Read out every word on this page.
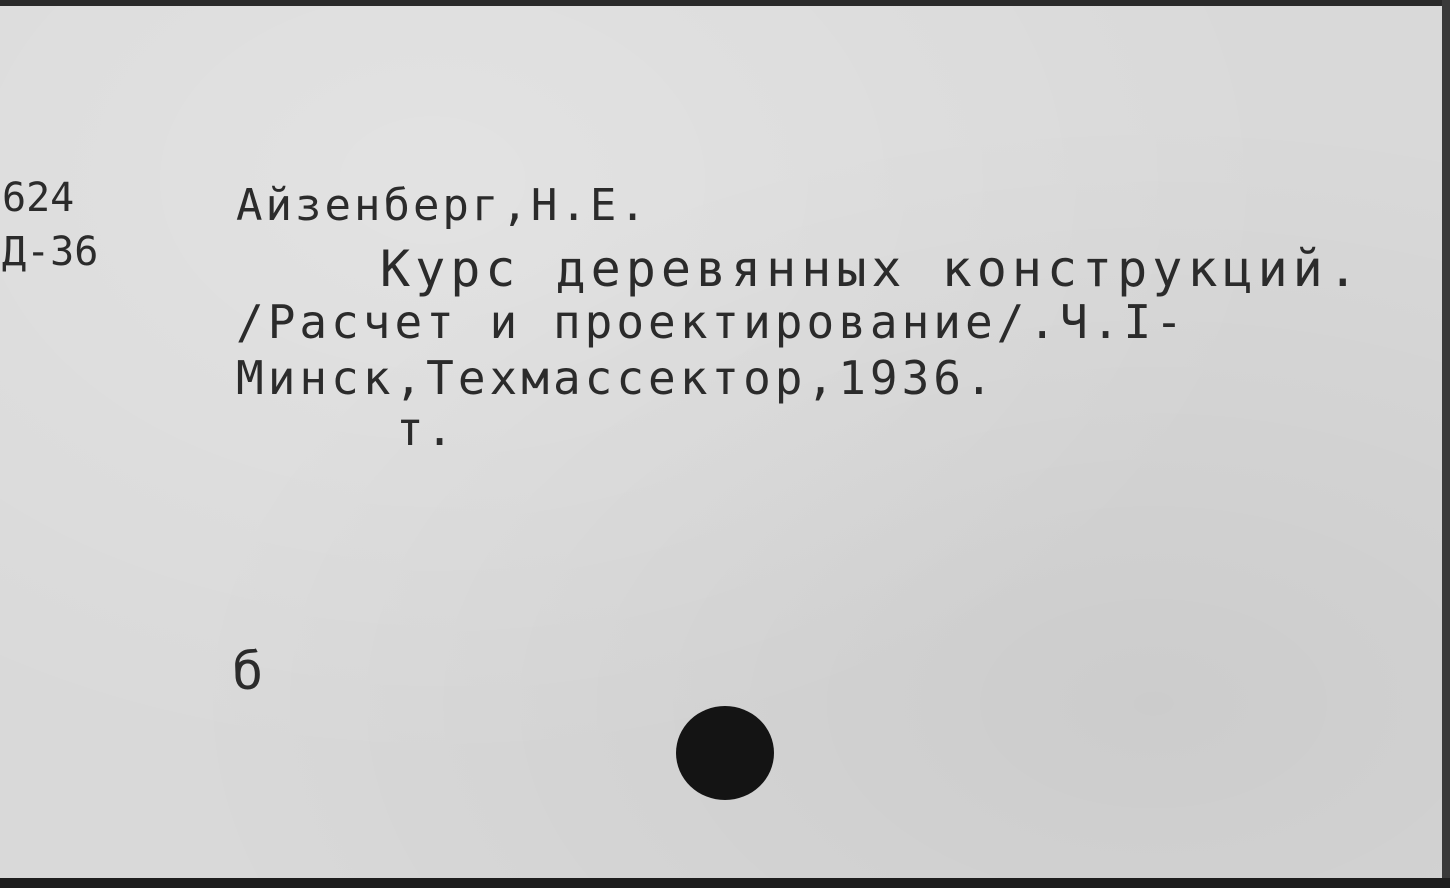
624
Д-36
Айзенберг,Н.Е.
Курс деревянных конструкций.
/Расчет и проектирование/.Ч.I-
Минск,Техмассектор,1936.
т.
б
